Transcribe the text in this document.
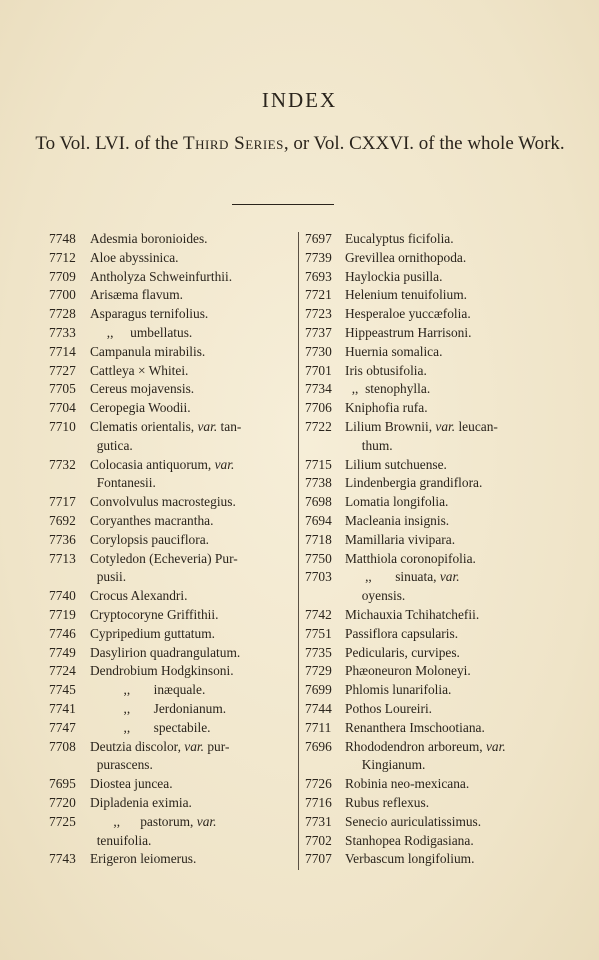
INDEX
To Vol. LVI. of the Third Series, or Vol. CXXVI. of the whole Work.
7748 Adesmia boronioides.
7712 Aloe abyssinica.
7709 Antholyza Schweinfurthii.
7700 Arisæma flavum.
7728 Asparagus ternifolius.
7733 ,,     umbellatus.
7714 Campanula mirabilis.
7727 Cattleya × Whitei.
7705 Cereus mojavensis.
7704 Ceropegia Woodii.
7710 Clematis orientalis, var. tan-
gutica.
7732 Colocasia antiquorum, var.
Fontanesii.
7717 Convolvulus macrostegius.
7692 Coryanthes macrantha.
7736 Corylopsis pauciflora.
7713 Cotyledon (Echeveria) Pur-
pusii.
7740 Crocus Alexandri.
7719 Cryptocoryne Griffithii.
7746 Cypripedium guttatum.
7749 Dasylirion quadrangulatum.
7724 Dendrobium Hodgkinsoni.
7745 ,,       inæquale.
7741 ,,       Jerdonianum.
7747 ,,       spectabile.
7708 Deutzia discolor, var. pur-
purascens.
7695 Diostea juncea.
7720 Dipladenia eximia.
7725 ,,      pastorum, var.
tenuifolia.
7743 Erigeron leiomerus.
7697 Eucalyptus ficifolia.
7739 Grevillea ornithopoda.
7693 Haylockia pusilla.
7721 Helenium tenuifolium.
7723 Hesperaloe yuccæfolia.
7737 Hippeastrum Harrisoni.
7730 Huernia somalica.
7701 Iris obtusifolia.
7734 ,,  stenophylla.
7706 Kniphofia rufa.
7722 Lilium Brownii, var. leucan-
thum.
7715 Lilium sutchuense.
7738 Lindenbergia grandiflora.
7698 Lomatia longifolia.
7694 Macleania insignis.
7718 Mamillaria vivipara.
7750 Matthiola coronopifolia.
7703 ,,       sinuata, var.
oyensis.
7742 Michauxia Tchihatchefii.
7751 Passiflora capsularis.
7735 Pedicularis, curvipes.
7729 Phæoneuron Moloneyi.
7699 Phlomis lunarifolia.
7744 Pothos Loureiri.
7711 Renanthera Imschootiana.
7696 Rhododendron arboreum, var.
Kingianum.
7726 Robinia neo-mexicana.
7716 Rubus reflexus.
7731 Senecio auriculatissimus.
7702 Stanhopea Rodigasiana.
7707 Verbascum longifolium.
